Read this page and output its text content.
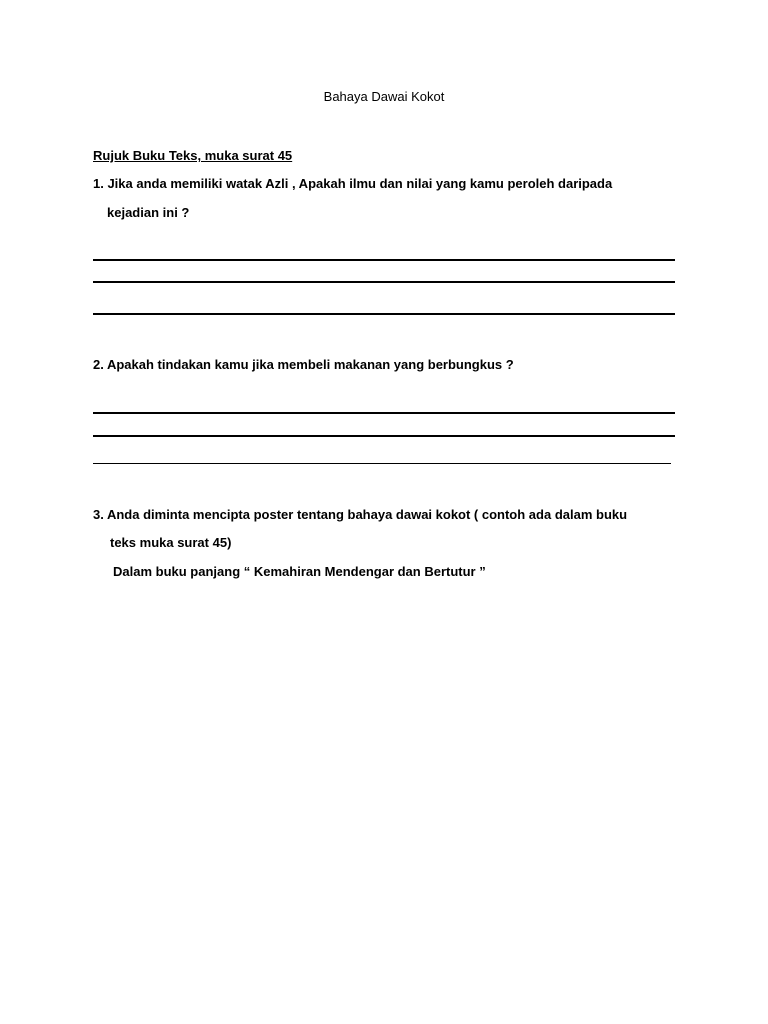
Bahaya Dawai Kokot
Rujuk Buku Teks, muka surat 45
1. Jika anda memiliki watak Azli , Apakah ilmu dan nilai yang kamu peroleh daripada
kejadian ini ?
2. Apakah tindakan kamu jika membeli makanan yang berbungkus ?
3. Anda diminta mencipta poster tentang bahaya dawai kokot ( contoh ada dalam buku
teks muka surat 45)
Dalam buku panjang “ Kemahiran Mendengar dan Bertutur ”
